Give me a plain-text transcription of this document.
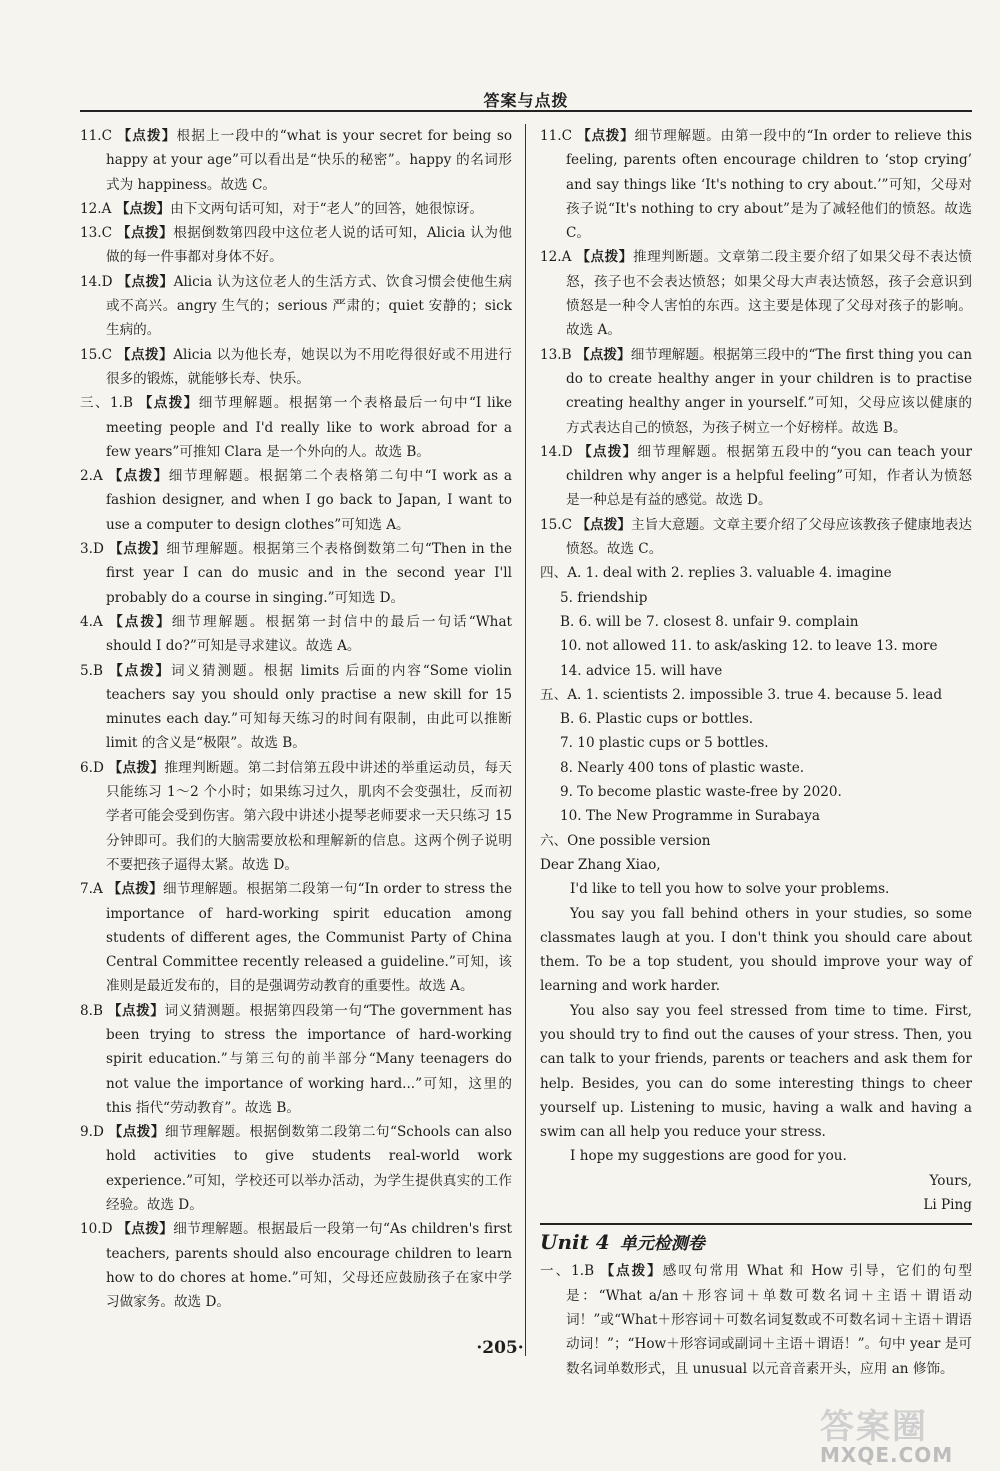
答案与点拨
11.C 【点拨】根据上一段中的“what is your secret for being so happy at your age”可以看出是“快乐的秘密”。happy 的名词形式为 happiness。故选 C。
12.A 【点拨】由下文两句话可知，对于“老人”的回答，她很惊讶。
13.C 【点拨】根据倒数第四段中这位老人说的话可知，Alicia 认为他做的每一件事都对身体不好。
14.D 【点拨】Alicia 认为这位老人的生活方式、饮食习惯会使他生病或不高兴。angry 生气的；serious 严肃的；quiet 安静的；sick 生病的。
15.C 【点拨】Alicia 以为他长寿，她误以为不用吃得很好或不用进行很多的锻炼，就能够长寿、快乐。
三、1.B 【点拨】细节理解题。根据第一个表格最后一句中“I like meeting people and I'd really like to work abroad for a few years”可推知 Clara 是一个外向的人。故选 B。
2.A 【点拨】细节理解题。根据第二个表格第二句中“I work as a fashion designer, and when I go back to Japan, I want to use a computer to design clothes”可知选 A。
3.D 【点拨】细节理解题。根据第三个表格倒数第二句“Then in the first year I can do music and in the second year I'll probably do a course in singing.”可知选 D。
4.A 【点拨】细节理解题。根据第一封信中的最后一句话“What should I do?”可知是寻求建议。故选 A。
5.B 【点拨】词义猜测题。根据 limits 后面的内容“Some violin teachers say you should only practise a new skill for 15 minutes each day.”可知每天练习的时间有限制，由此可以推断 limit 的含义是“极限”。故选 B。
6.D 【点拨】推理判断题。第二封信第五段中讲述的举重运动员，每天只能练习 1～2 个小时；如果练习过久，肌肉不会变强壮，反而初学者可能会受到伤害。第六段中讲述小提琴老师要求一天只练习 15 分钟即可。我们的大脑需要放松和理解新的信息。这两个例子说明不要把孩子逼得太紧。故选 D。
7.A 【点拨】细节理解题。根据第二段第一句“In order to stress the importance of hard-working spirit education among students of different ages, the Communist Party of China Central Committee recently released a guideline.”可知，该准则是最近发布的，目的是强调劳动教育的重要性。故选 A。
8.B 【点拨】词义猜测题。根据第四段第一句“The government has been trying to stress the importance of hard-working spirit education.”与第三句的前半部分“Many teenagers do not value the importance of working hard...”可知，这里的 this 指代“劳动教育”。故选 B。
9.D 【点拨】细节理解题。根据倒数第二段第二句“Schools can also hold activities to give students real-world work experience.”可知，学校还可以举办活动，为学生提供真实的工作经验。故选 D。
10.D 【点拨】细节理解题。根据最后一段第一句“As children's first teachers, parents should also encourage children to learn how to do chores at home.”可知，父母还应鼓励孩子在家中学习做家务。故选 D。
11.C 【点拨】细节理解题。由第一段中的“In order to relieve this feeling, parents often encourage children to ‘stop crying’ and say things like ‘It's nothing to cry about.’”可知，父母对孩子说“It's nothing to cry about”是为了减轻他们的愤怒。故选 C。
12.A 【点拨】推理判断题。文章第二段主要介绍了如果父母不表达愤怒，孩子也不会表达愤怒；如果父母大声表达愤怒，孩子会意识到愤怒是一种令人害怕的东西。这主要是体现了父母对孩子的影响。故选 A。
13.B 【点拨】细节理解题。根据第三段中的“The first thing you can do to create healthy anger in your children is to practise creating healthy anger in yourself.”可知，父母应该以健康的方式表达自己的愤怒，为孩子树立一个好榜样。故选 B。
14.D 【点拨】细节理解题。根据第五段中的“you can teach your children why anger is a helpful feeling”可知，作者认为愤怒是一种总是有益的感觉。故选 D。
15.C 【点拨】主旨大意题。文章主要介绍了父母应该教孩子健康地表达愤怒。故选 C。
四、A. 1. deal with 2. replies 3. valuable 4. imagine
5. friendship
B. 6. will be 7. closest 8. unfair 9. complain
10. not allowed 11. to ask/asking 12. to leave 13. more
14. advice 15. will have
五、A. 1. scientists 2. impossible 3. true 4. because 5. lead
B. 6. Plastic cups or bottles.
7. 10 plastic cups or 5 bottles.
8. Nearly 400 tons of plastic waste.
9. To become plastic waste-free by 2020.
10. The New Programme in Surabaya
六、One possible version
Dear Zhang Xiao,
I'd like to tell you how to solve your problems.
You say you fall behind others in your studies, so some classmates laugh at you. I don't think you should care about them. To be a top student, you should improve your way of learning and work harder.
You also say you feel stressed from time to time. First, you should try to find out the causes of your stress. Then, you can talk to your friends, parents or teachers and ask them for help. Besides, you can do some interesting things to cheer yourself up. Listening to music, having a walk and having a swim can all help you reduce your stress.
I hope my suggestions are good for you.
Yours,
Li Ping
Unit 4 单元检测卷
一、1.B 【点拨】感叹句常用 What 和 How 引导，它们的句型是：“What a/an＋形容词＋单数可数名词＋主语＋谓语动词！”或“What＋形容词＋可数名词复数或不可数名词＋主语＋谓语动词！”；“How＋形容词或副词＋主语＋谓语！”。句中 year 是可数名词单数形式，且 unusual 以元音音素开头，应用 an 修饰。
·205·
答案圈
MXQE.COM
